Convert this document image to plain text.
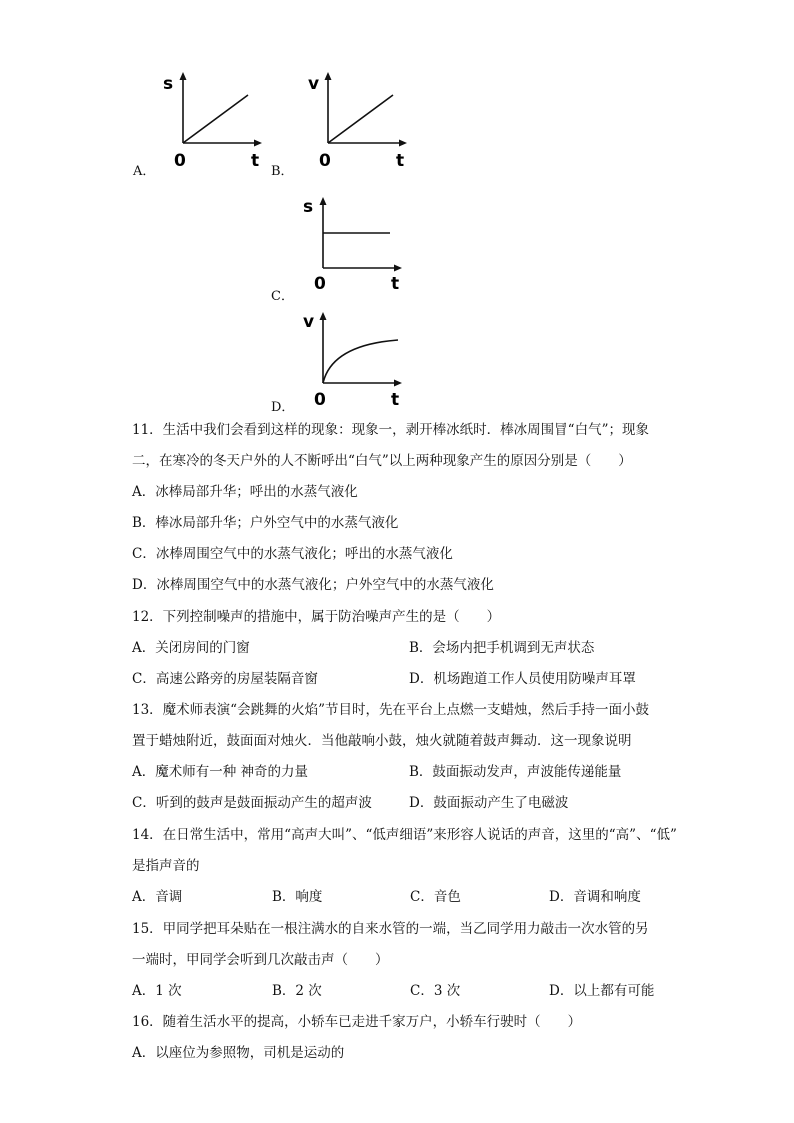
A．
s
0	t
B．
v
0	t
C．
s
0	t
D．
v
0	t
11．生活中我们会看到这样的现象：现象一，剥开棒冰纸时．棒冰周围冒“白气”；现象
二，在寒冷的冬天户外的人不断呼出“白气”以上两种现象产生的原因分别是（　　）
A．冰棒局部升华；呼出的水蒸气液化
B．棒冰局部升华；户外空气中的水蒸气液化
C．冰棒周围空气中的水蒸气液化；呼出的水蒸气液化
D．冰棒周围空气中的水蒸气液化；户外空气中的水蒸气液化
12．下列控制噪声的措施中，属于防治噪声产生的是（　　）
A．关闭房间的门窗	B．会场内把手机调到无声状态
C．高速公路旁的房屋装隔音窗	D．机场跑道工作人员使用防噪声耳罩
13．魔术师表演“会跳舞的火焰”节目时，先在平台上点燃一支蜡烛，然后手持一面小鼓
置于蜡烛附近，鼓面面对烛火．当他敲响小鼓，烛火就随着鼓声舞动．这一现象说明
A．魔术师有一种 神奇的力量	B．鼓面振动发声，声波能传递能量
C．听到的鼓声是鼓面振动产生的超声波	D．鼓面振动产生了电磁波
14．在日常生活中，常用“高声大叫”、“低声细语”来形容人说话的声音，这里的“高”、“低”
是指声音的
A．音调	B．响度	C．音色	D．音调和响度
15．甲同学把耳朵贴在一根注满水的自来水管的一端，当乙同学用力敲击一次水管的另
一端时，甲同学会听到几次敲击声（　　）
A．1 次	B．2 次	C．3 次	D．以上都有可能
16．随着生活水平的提高，小轿车已走进千家万户，小轿车行驶时（　　）
A．以座位为参照物，司机是运动的
